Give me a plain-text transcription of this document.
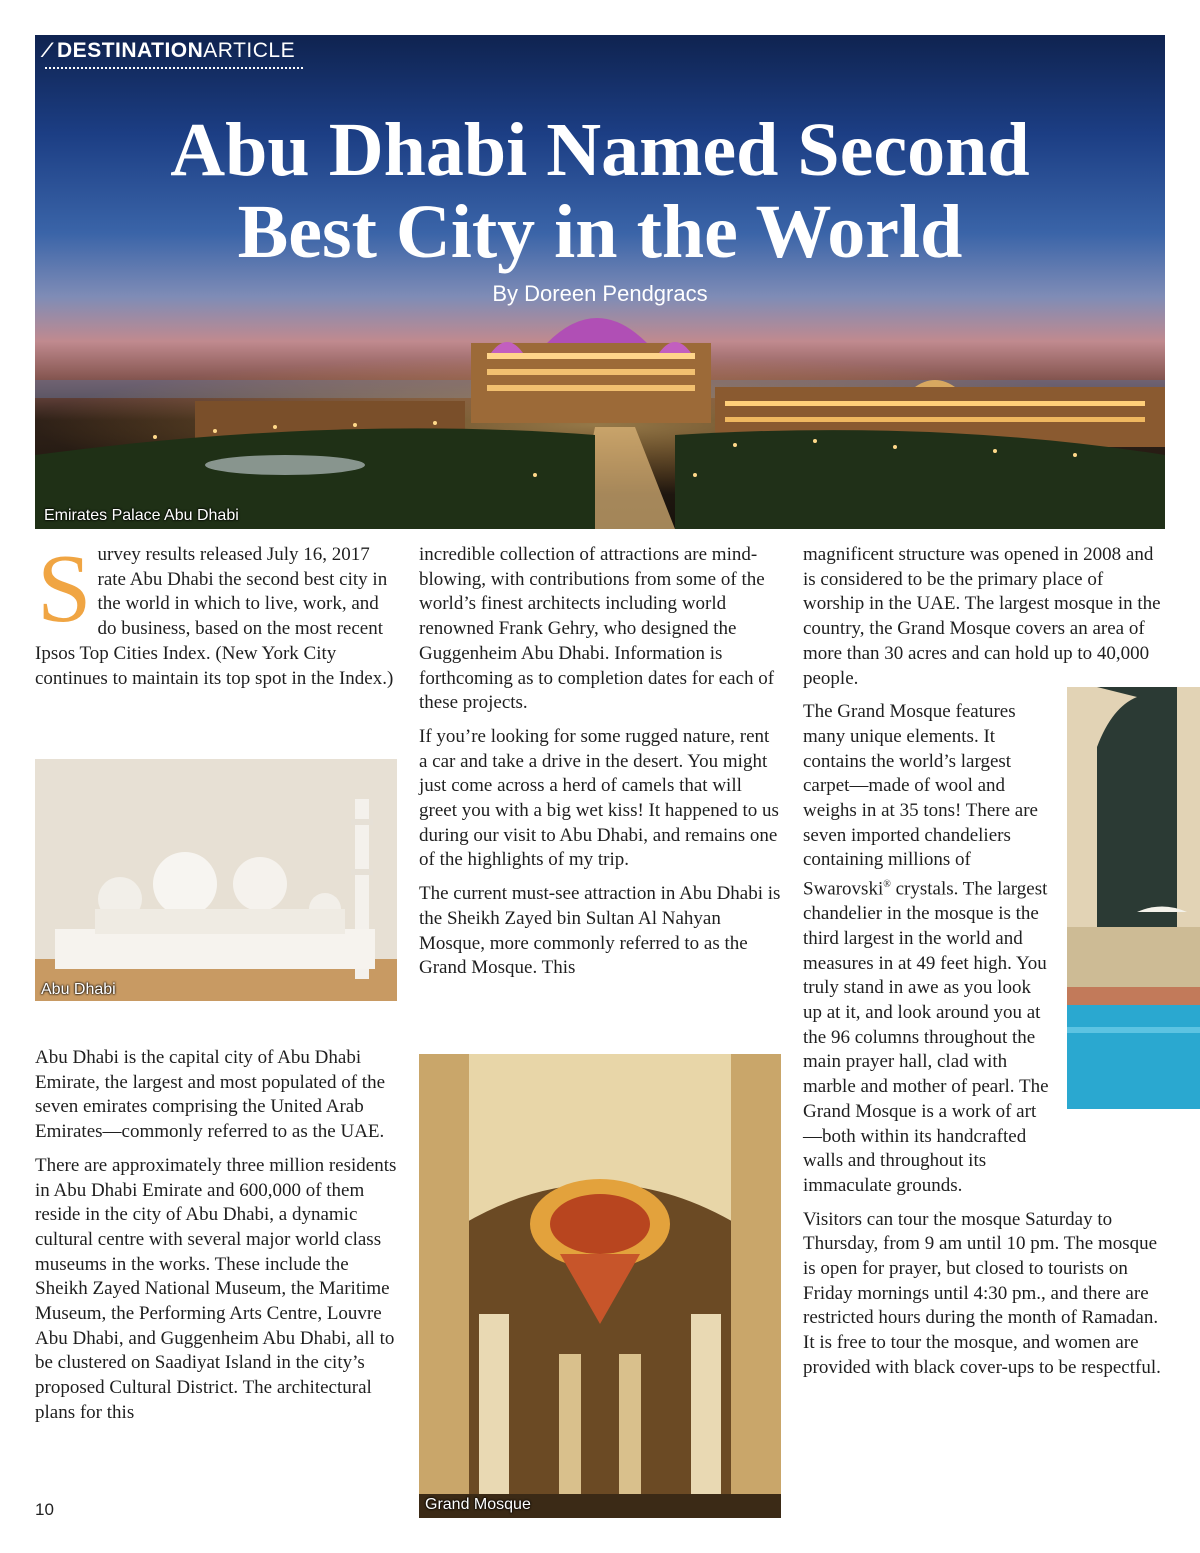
⁄ DESTINATIONARTICLE
Abu Dhabi Named Second
Best City in the World
By Doreen Pendgracs
Emirates Palace Abu Dhabi

Survey results released July 16, 2017 rate Abu Dhabi the second best city in the world in which to live, work, and do business, based on the most recent Ipsos Top Cities Index. (New York City continues to maintain its top spot in the Index.)

Abu Dhabi

Abu Dhabi is the capital city of Abu Dhabi Emirate, the largest and most populated of the seven emirates comprising the United Arab Emirates—commonly referred to as the UAE.

There are approximately three million residents in Abu Dhabi Emirate and 600,000 of them reside in the city of Abu Dhabi, a dynamic cultural centre with several major world class museums in the works. These include the Sheikh Zayed National Museum, the Maritime Museum, the Performing Arts Centre, Louvre Abu Dhabi, and Guggenheim Abu Dhabi, all to be clustered on Saadiyat Island in the city’s proposed Cultural District. The architectural plans for this

incredible collection of attractions are mind-blowing, with contributions from some of the world’s finest architects including world renowned Frank Gehry, who designed the Guggenheim Abu Dhabi. Information is forthcoming as to completion dates for each of these projects.

If you’re looking for some rugged nature, rent a car and take a drive in the desert. You might just come across a herd of camels that will greet you with a big wet kiss! It happened to us during our visit to Abu Dhabi, and remains one of the highlights of my trip.

The current must-see attraction in Abu Dhabi is the Sheikh Zayed bin Sultan Al Nahyan Mosque, more commonly referred to as the Grand Mosque. This

Grand Mosque

magnificent structure was opened in 2008 and is considered to be the primary place of worship in the UAE. The largest mosque in the country, the Grand Mosque covers an area of more than 30 acres and can hold up to 40,000 people.

The Grand Mosque features many unique elements. It contains the world’s largest carpet—made of wool and weighs in at 35 tons! There are seven imported chandeliers containing millions of Swarovski® crystals. The largest chandelier in the mosque is the third largest in the world and measures in at 49 feet high. You truly stand in awe as you look up at it, and look around you at the 96 columns throughout the main prayer hall, clad with marble and mother of pearl. The Grand Mosque is a work of art—both within its handcrafted walls and throughout its immaculate grounds.

Visitors can tour the mosque Saturday to Thursday, from 9 am until 10 pm. The mosque is open for prayer, but closed to tourists on Friday mornings until 4:30 pm., and there are restricted hours during the month of Ramadan. It is free to tour the mosque, and women are provided with black cover-ups to be respectful.

10
